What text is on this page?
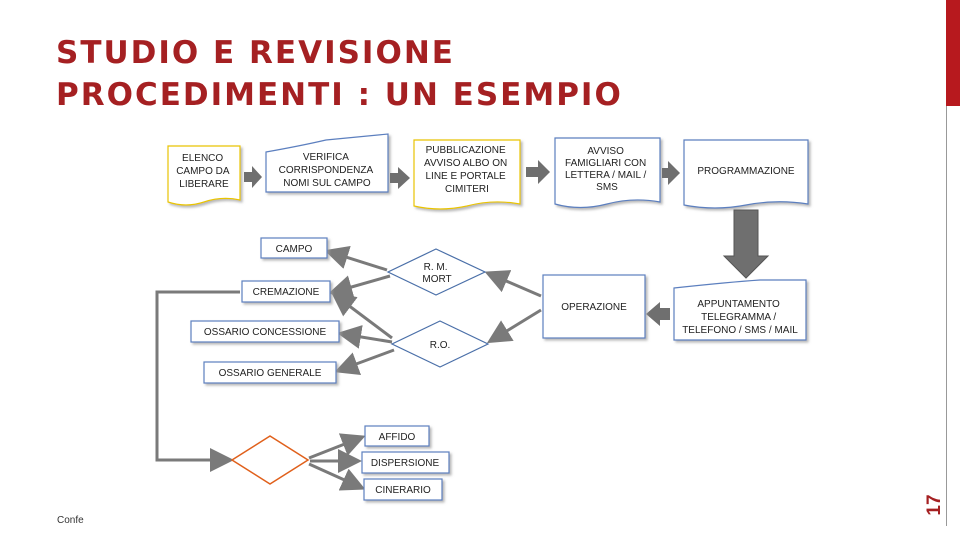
STUDIO E REVISIONE
PROCEDIMENTI : UN ESEMPIO
17
Confe
ELENCO CAMPO DA LIBERARE
VERIFICA CORRISPONDENZA NOMI SUL CAMPO
PUBBLICAZIONE AVVISO ALBO ON LINE E PORTALE CIMITERI
AVVISO FAMIGLIARI CON LETTERA / MAIL / SMS
PROGRAMMAZIONE
APPUNTAMENTO TELEGRAMMA / TELEFONO / SMS / MAIL
OPERAZIONE
R. M. MORT
R.O.
CAMPO
CREMAZIONE
OSSARIO CONCESSIONE
OSSARIO GENERALE
AFFIDO
DISPERSIONE
CINERARIO
